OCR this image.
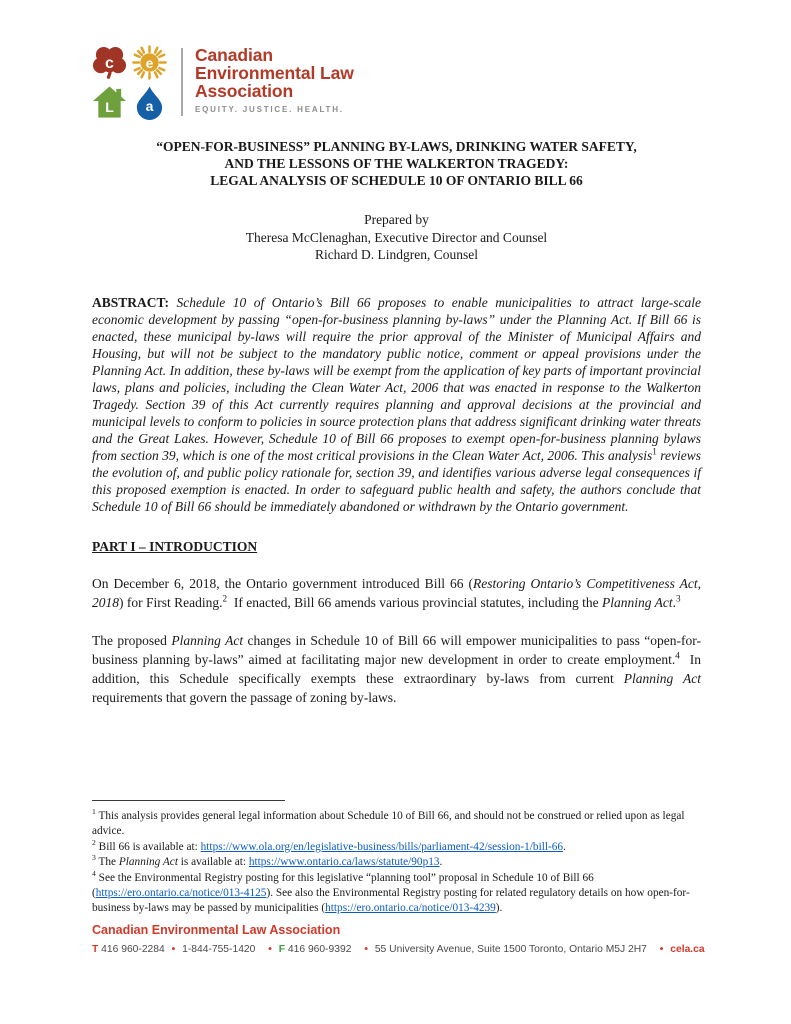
c	e
L	a
Canadian
Environmental Law
Association
EQUITY. JUSTICE. HEALTH.
“OPEN-FOR-BUSINESS” PLANNING BY-LAWS, DRINKING WATER SAFETY,
AND THE LESSONS OF THE WALKERTON TRAGEDY:
LEGAL ANALYSIS OF SCHEDULE 10 OF ONTARIO BILL 66
Prepared by
Theresa McClenaghan, Executive Director and Counsel
Richard D. Lindgren, Counsel

ABSTRACT: Schedule 10 of Ontario’s Bill 66 proposes to enable municipalities to attract large-scale economic development by passing “open-for-business planning by-laws” under the Planning Act. If Bill 66 is enacted, these municipal by-laws will require the prior approval of the Minister of Municipal Affairs and Housing, but will not be subject to the mandatory public notice, comment or appeal provisions under the Planning Act. In addition, these by-laws will be exempt from the application of key parts of important provincial laws, plans and policies, including the Clean Water Act, 2006 that was enacted in response to the Walkerton Tragedy. Section 39 of this Act currently requires planning and approval decisions at the provincial and municipal levels to conform to policies in source protection plans that address significant drinking water threats and the Great Lakes. However, Schedule 10 of Bill 66 proposes to exempt open-for-business planning bylaws from section 39, which is one of the most critical provisions in the Clean Water Act, 2006. This analysis$^1$ reviews the evolution of, and public policy rationale for, section 39, and identifies various adverse legal consequences if this proposed exemption is enacted. In order to safeguard public health and safety, the authors conclude that Schedule 10 of Bill 66 should be immediately abandoned or withdrawn by the Ontario government.

PART I – INTRODUCTION

On December 6, 2018, the Ontario government introduced Bill 66 (Restoring Ontario’s Competitiveness Act, 2018) for First Reading.$^2$  If enacted, Bill 66 amends various provincial statutes, including the Planning Act.$^3$

The proposed Planning Act changes in Schedule 10 of Bill 66 will empower municipalities to pass “open-for-business planning by-laws” aimed at facilitating major new development in order to create employment.$^4$  In addition, this Schedule specifically exempts these extraordinary by-laws from current Planning Act requirements that govern the passage of zoning by-laws.

$^1$ This analysis provides general legal information about Schedule 10 of Bill 66, and should not be construed or relied upon as legal advice.
$^2$ Bill 66 is available at: https://www.ola.org/en/legislative-business/bills/parliament-42/session-1/bill-66.
$^3$ The Planning Act is available at: https://www.ontario.ca/laws/statute/90p13.
$^4$ See the Environmental Registry posting for this legislative “planning tool” proposal in Schedule 10 of Bill 66 (https://ero.ontario.ca/notice/013-4125). See also the Environmental Registry posting for related regulatory details on how open-for-business by-laws may be passed by municipalities (https://ero.ontario.ca/notice/013-4239).
Canadian Environmental Law Association
T 416 960-2284 • 1-844-755-1420 • F 416 960-9392 • 55 University Avenue, Suite 1500 Toronto, Ontario M5J 2H7 • cela.ca
